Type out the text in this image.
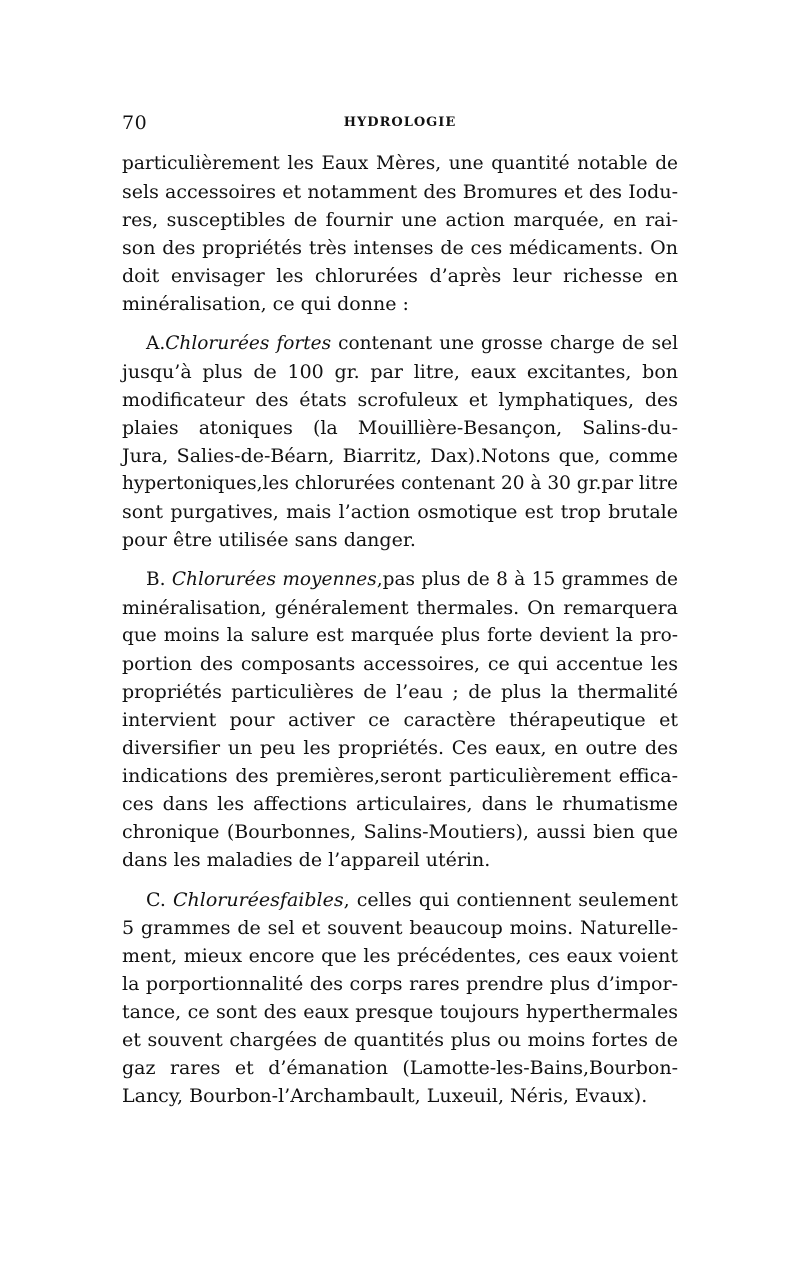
70	HYDROLOGIE
particulièrement les Eaux Mères, une quantité notable de
sels accessoires et notamment des Bromures et des Iodu-
res, susceptibles de fournir une action marquée, en rai-
son des propriétés très intenses de ces médicaments. On
doit envisager les chlorurées d’après leur richesse en
minéralisation, ce qui donne :
A.Chlorurées fortes contenant une grosse charge de sel
jusqu’à plus de 100 gr. par litre, eaux excitantes, bon
modificateur des états scrofuleux et lymphatiques, des
plaies atoniques (la Mouillière-Besançon, Salins-du-
Jura, Salies-de-Béarn, Biarritz, Dax).Notons que, comme
hypertoniques,les chlorurées contenant 20 à 30 gr.par litre
sont purgatives, mais l’action osmotique est trop brutale
pour être utilisée sans danger.
B. Chlorurées moyennes,pas plus de 8 à 15 grammes de
minéralisation, généralement thermales. On remarquera
que moins la salure est marquée plus forte devient la pro-
portion des composants accessoires, ce qui accentue les
propriétés particulières de l’eau ; de plus la thermalité
intervient pour activer ce caractère thérapeutique et
diversifier un peu les propriétés. Ces eaux, en outre des
indications des premières,seront particulièrement effica-
ces dans les affections articulaires, dans le rhumatisme
chronique (Bourbonnes, Salins-Moutiers), aussi bien que
dans les maladies de l’appareil utérin.
C. Chloruréesfaibles, celles qui contiennent seulement
5 grammes de sel et souvent beaucoup moins. Naturelle-
ment, mieux encore que les précédentes, ces eaux voient
la porportionnalité des corps rares prendre plus d’impor-
tance, ce sont des eaux presque toujours hyperthermales
et souvent chargées de quantités plus ou moins fortes de
gaz rares et d’émanation (Lamotte-les-Bains,Bourbon-
Lancy, Bourbon-l’Archambault, Luxeuil, Néris, Evaux).
